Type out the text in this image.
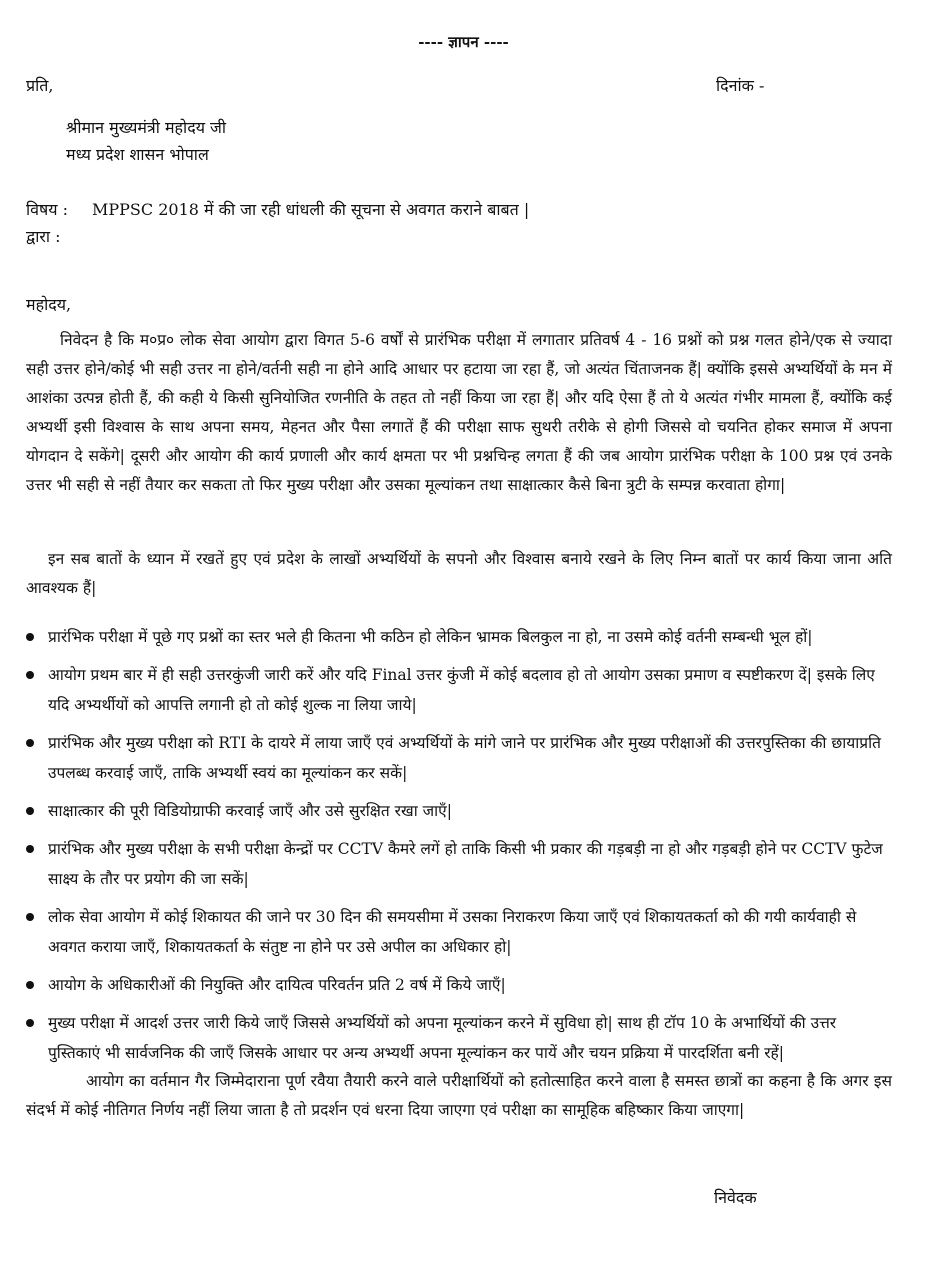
---- ज्ञापन ----
प्रति,	दिनांक -
श्रीमान मुख्यमंत्री महोदय जी
मध्य प्रदेश शासन भोपाल
विषय : MPPSC 2018 में की जा रही धांधली की सूचना से अवगत कराने बाबत |
द्वारा :
महोदय,
निवेदन है कि म०प्र० लोक सेवा आयोग द्वारा विगत 5-6 वर्षों से प्रारंभिक परीक्षा में लगातार प्रतिवर्ष 4 - 16 प्रश्नों को प्रश्न गलत होने/एक से ज्यादा सही उत्तर होने/कोई भी सही उत्तर ना होने/वर्तनी सही ना होने आदि आधार पर हटाया जा रहा हैं, जो अत्यंत चिंताजनक हैं| क्योंकि इससे अभ्यर्थियों के मन में आशंका उत्पन्न होती हैं, की कही ये किसी सुनियोजित रणनीति के तहत तो नहीं किया जा रहा हैं| और यदि ऐसा हैं तो ये अत्यंत गंभीर मामला हैं, क्योंकि कई अभ्यर्थी इसी विश्वास के साथ अपना समय, मेहनत और पैसा लगातें हैं की परीक्षा साफ सुथरी तरीके से होगी जिससे वो चयनित होकर समाज में अपना योगदान दे सकेंगे| दूसरी और आयोग की कार्य प्रणाली और कार्य क्षमता पर भी प्रश्नचिन्ह लगता हैं की जब आयोग प्रारंभिक परीक्षा के 100 प्रश्न एवं उनके उत्तर भी सही से नहीं तैयार कर सकता तो फिर मुख्य परीक्षा और उसका मूल्यांकन तथा साक्षात्कार कैसे बिना त्रुटी के सम्पन्न करवाता होगा|
इन सब बातों के ध्यान में रखतें हुए एवं प्रदेश के लाखों अभ्यर्थियों के सपनो और विश्वास बनाये रखने के लिए निम्न बातों पर कार्य किया जाना अति आवश्यक हैं|
प्रारंभिक परीक्षा में पूछे गए प्रश्नों का स्तर भले ही कितना भी कठिन हो लेकिन भ्रामक बिलकुल ना हो, ना उसमे कोई वर्तनी सम्बन्धी भूल हों|
आयोग प्रथम बार में ही सही उत्तरकुंजी जारी करें और यदि Final उत्तर कुंजी में कोई बदलाव हो तो आयोग उसका प्रमाण व स्पष्टीकरण दें| इसके लिए यदि अभ्यर्थीयों को आपत्ति लगानी हो तो कोई शुल्क ना लिया जाये|
प्रारंभिक और मुख्य परीक्षा को RTI के दायरे में लाया जाएँ एवं अभ्यर्थियों के मांगे जाने पर प्रारंभिक और मुख्य परीक्षाओं की उत्तरपुस्तिका की छायाप्रति उपलब्ध करवाई जाएँ, ताकि अभ्यर्थी स्वयं का मूल्यांकन कर सकें|
साक्षात्कार की पूरी विडियोग्राफी करवाई जाएँ और उसे सुरक्षित रखा जाएँ|
प्रारंभिक और मुख्य परीक्षा के सभी परीक्षा केन्द्रों पर CCTV कैमरे लगें हो ताकि किसी भी प्रकार की गड़बड़ी ना हो और गड़बड़ी होने पर CCTV फुटेज साक्ष्य के तौर पर प्रयोग की जा सकें|
लोक सेवा आयोग में कोई शिकायत की जाने पर 30 दिन की समयसीमा में उसका निराकरण किया जाएँ एवं शिकायतकर्ता को की गयी कार्यवाही से अवगत कराया जाएँ, शिकायतकर्ता के संतुष्ट ना होने पर उसे अपील का अधिकार हो|
आयोग के अधिकारीओं की नियुक्ति और दायित्व परिवर्तन प्रति 2 वर्ष में किये जाएँ|
मुख्य परीक्षा में आदर्श उत्तर जारी किये जाएँ जिससे अभ्यर्थियों को अपना मूल्यांकन करने में सुविधा हो| साथ ही टॉप 10 के अभार्थियों की उत्तर पुस्तिकाएं भी सार्वजनिक की जाएँ जिसके आधार पर अन्य अभ्यर्थी अपना मूल्यांकन कर पायें और चयन प्रक्रिया में पारदर्शिता बनी रहें|
आयोग का वर्तमान गैर जिम्मेदाराना पूर्ण रवैया तैयारी करने वाले परीक्षार्थियों को हतोत्साहित करने वाला है समस्त छात्रों का कहना है कि अगर इस संदर्भ में कोई नीतिगत निर्णय नहीं लिया जाता है तो प्रदर्शन एवं धरना दिया जाएगा एवं परीक्षा का सामूहिक बहिष्कार किया जाएगा|
निवेदक
